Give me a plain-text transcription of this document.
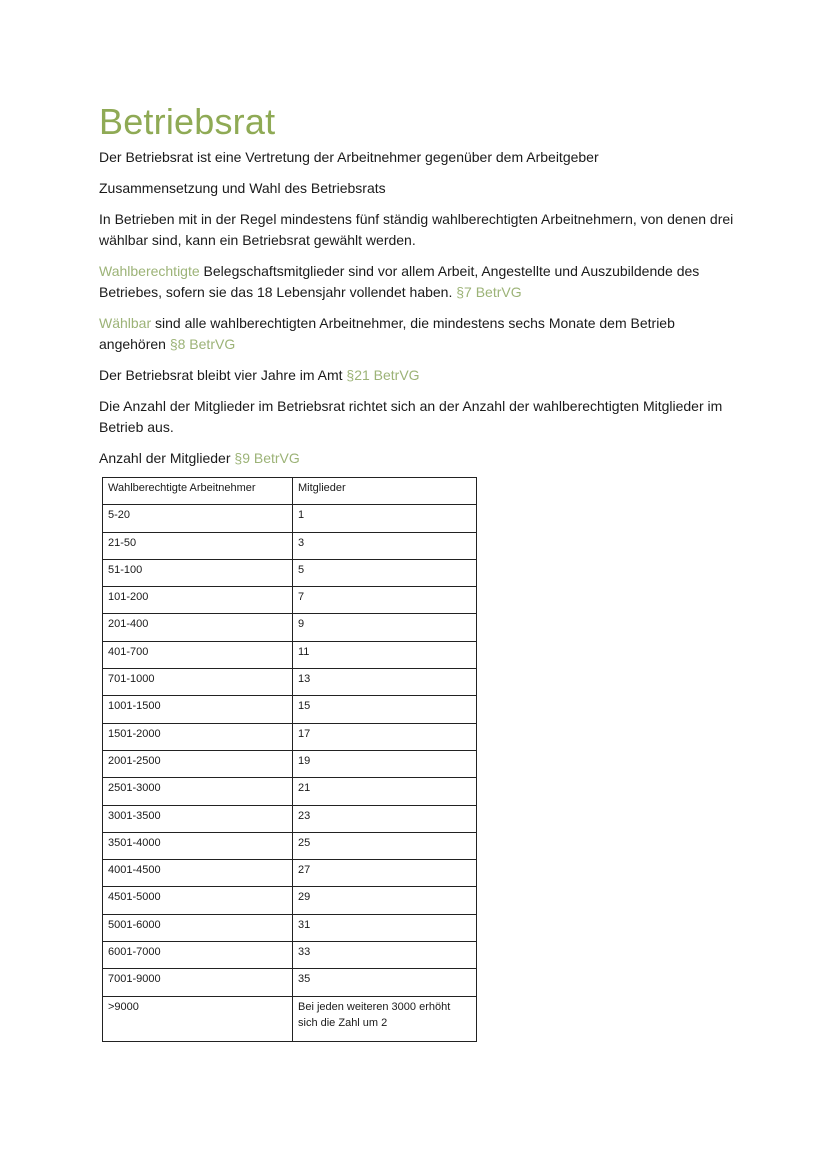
Betriebsrat

Der Betriebsrat ist eine Vertretung der Arbeitnehmer gegenüber dem Arbeitgeber

Zusammensetzung und Wahl des Betriebsrats

In Betrieben mit in der Regel mindestens fünf ständig wahlberechtigten Arbeitnehmern, von denen drei wählbar sind, kann ein Betriebsrat gewählt werden.

Wahlberechtigte Belegschaftsmitglieder sind vor allem Arbeit, Angestellte und Auszubildende des Betriebes, sofern sie das 18 Lebensjahr vollendet haben. §7 BetrVG

Wählbar sind alle wahlberechtigten Arbeitnehmer, die mindestens sechs Monate dem Betrieb angehören §8 BetrVG

Der Betriebsrat bleibt vier Jahre im Amt §21 BetrVG

Die Anzahl der Mitglieder im Betriebsrat richtet sich an der Anzahl der wahlberechtigten Mitglieder im Betrieb aus.

Anzahl der Mitglieder §9 BetrVG

Wahlberechtigte Arbeitnehmer	Mitglieder
5-20	1
21-50	3
51-100	5
101-200	7
201-400	9
401-700	11
701-1000	13
1001-1500	15
1501-2000	17
2001-2500	19
2501-3000	21
3001-3500	23
3501-4000	25
4001-4500	27
4501-5000	29
5001-6000	31
6001-7000	33
7001-9000	35
>9000	Bei jeden weiteren 3000 erhöht sich die Zahl um 2
